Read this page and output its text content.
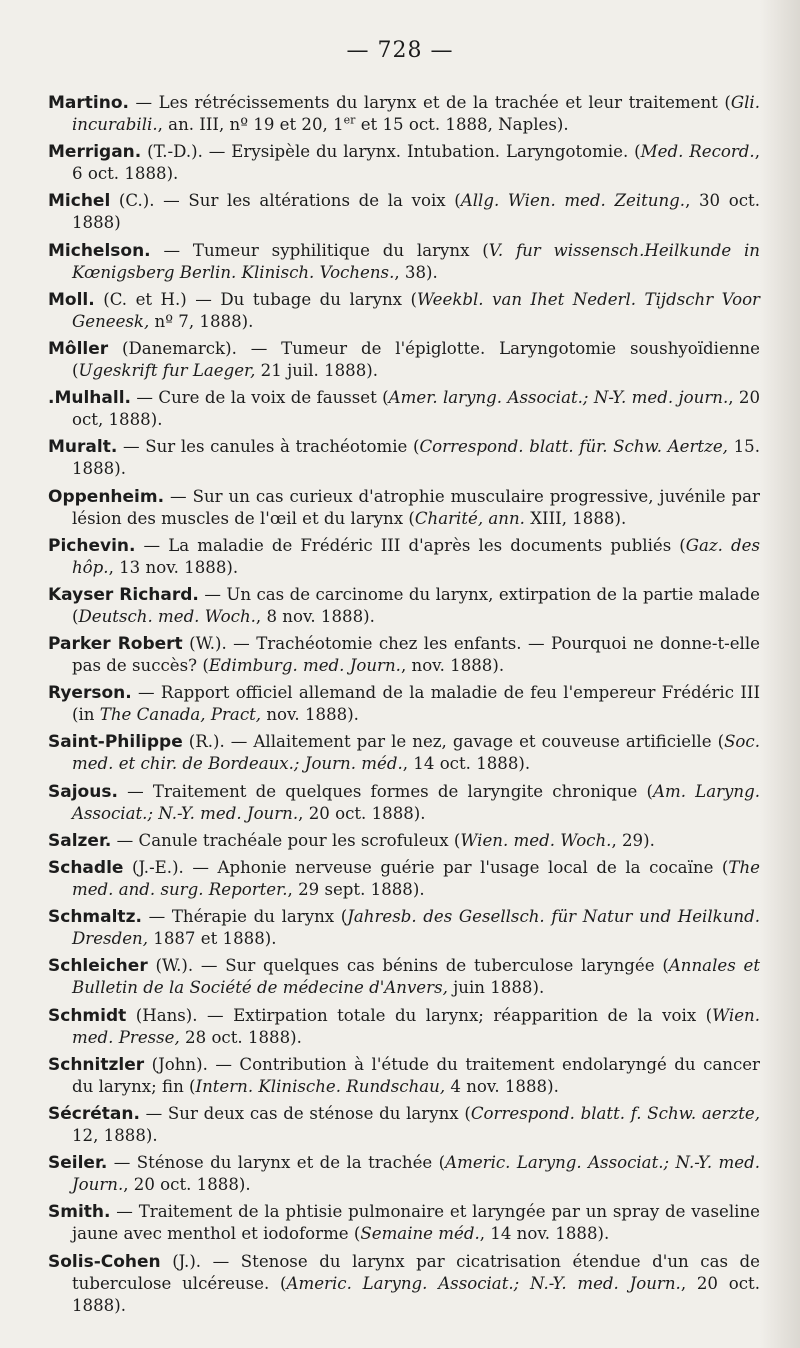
— 728 —
Martino. — Les rétrécissements du larynx et de la trachée et leur traitement (Gli. incurabili., an. III, nº 19 et 20, 1er et 15 oct. 1888, Naples).
Merrigan. (T.-D.). — Erysipèle du larynx. Intubation. Laryngotomie. (Med. Record., 6 oct. 1888).
Michel (C.). — Sur les altérations de la voix (Allg. Wien. med. Zeitung., 30 oct. 1888)
Michelson. — Tumeur syphilitique du larynx (V. fur wissensch.Heilkunde in Kœnigsberg Berlin. Klinisch. Vochens., 38).
Moll. (C. et H.) — Du tubage du larynx (Weekbl. van Ihet Nederl. Tijdschr Voor Geneesk, nº 7, 1888).
Môller (Danemarck). — Tumeur de l'épiglotte. Laryngotomie soushyoïdienne (Ugeskrift fur Laeger, 21 juil. 1888).
.Mulhall. — Cure de la voix de fausset (Amer. laryng. Associat.; N-Y. med. journ., 20 oct, 1888).
Muralt. — Sur les canules à trachéotomie (Correspond. blatt. für. Schw. Aertze, 15. 1888).
Oppenheim. — Sur un cas curieux d'atrophie musculaire progressive, juvénile par lésion des muscles de l'œil et du larynx (Charité, ann. XIII, 1888).
Pichevin. — La maladie de Frédéric III d'après les documents publiés (Gaz. des hôp., 13 nov. 1888).
Kayser Richard. — Un cas de carcinome du larynx, extirpation de la partie malade (Deutsch. med. Woch., 8 nov. 1888).
Parker Robert (W.). — Trachéotomie chez les enfants. — Pourquoi ne donne-t-elle pas de succès? (Edimburg. med. Journ., nov. 1888).
Ryerson. — Rapport officiel allemand de la maladie de feu l'empereur Frédéric III (in The Canada, Pract, nov. 1888).
Saint-Philippe (R.). — Allaitement par le nez, gavage et couveuse artificielle (Soc. med. et chir. de Bordeaux.; Journ. méd., 14 oct. 1888).
Sajous. — Traitement de quelques formes de laryngite chronique (Am. Laryng. Associat.; N.-Y. med. Journ., 20 oct. 1888).
Salzer. — Canule trachéale pour les scrofuleux (Wien. med. Woch., 29).
Schadle (J.-E.). — Aphonie nerveuse guérie par l'usage local de la cocaïne (The med. and. surg. Reporter., 29 sept. 1888).
Schmaltz. — Thérapie du larynx (Jahresb. des Gesellsch. für Natur und Heilkund. Dresden, 1887 et 1888).
Schleicher (W.). — Sur quelques cas bénins de tuberculose laryngée (Annales et Bulletin de la Société de médecine d'Anvers, juin 1888).
Schmidt (Hans). — Extirpation totale du larynx; réapparition de la voix (Wien. med. Presse, 28 oct. 1888).
Schnitzler (John). — Contribution à l'étude du traitement endolaryngé du cancer du larynx; fin (Intern. Klinische. Rundschau, 4 nov. 1888).
Sécrétan. — Sur deux cas de sténose du larynx (Correspond. blatt. f. Schw. aerzte, 12, 1888).
Seiler. — Sténose du larynx et de la trachée (Americ. Laryng. Associat.; N.-Y. med. Journ., 20 oct. 1888).
Smith. — Traitement de la phtisie pulmonaire et laryngée par un spray de vaseline jaune avec menthol et iodoforme (Semaine méd., 14 nov. 1888).
Solis-Cohen (J.). — Stenose du larynx par cicatrisation étendue d'un cas de tuberculose ulcéreuse. (Americ. Laryng. Associat.; N.-Y. med. Journ., 20 oct. 1888).
